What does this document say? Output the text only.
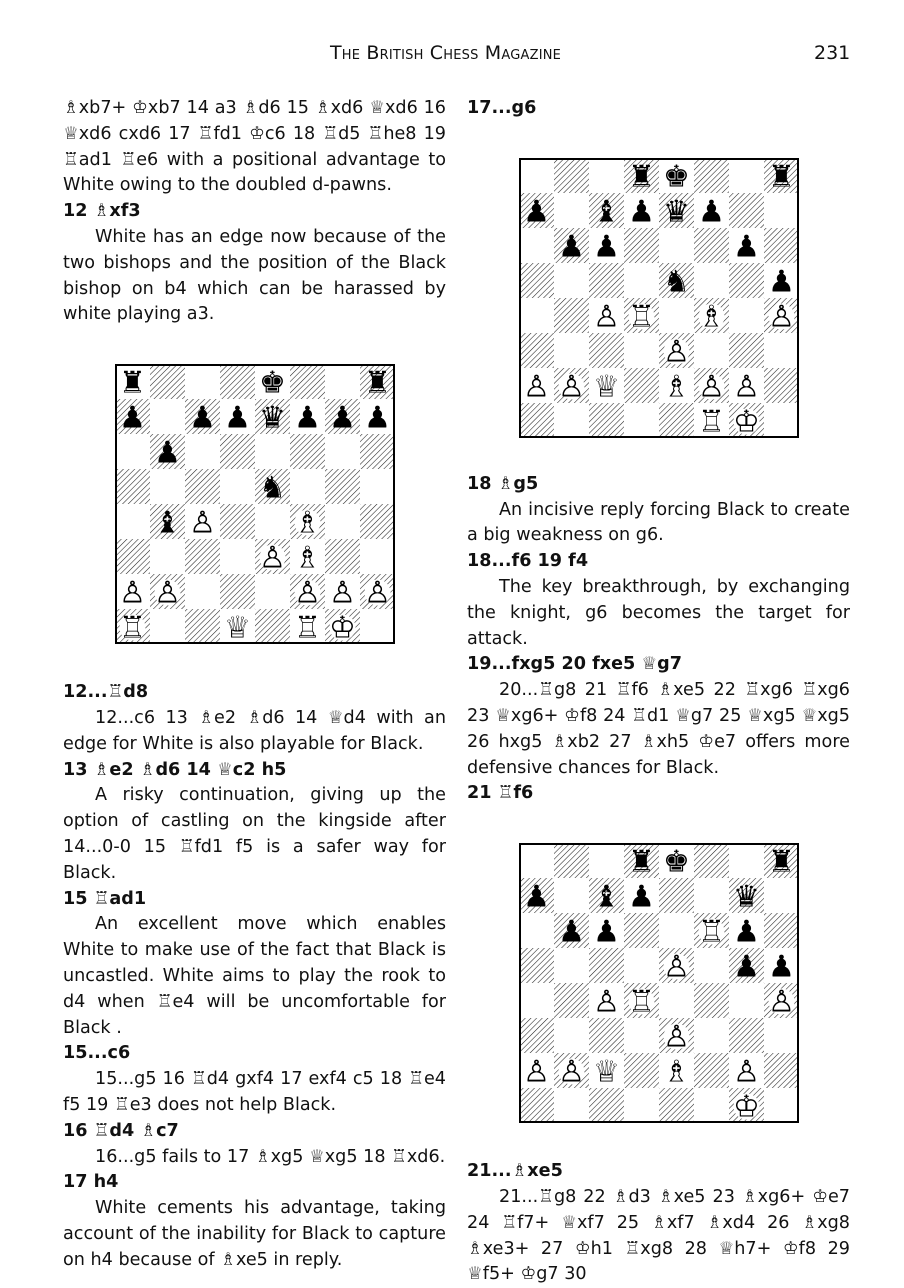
The British Chess Magazine	231

♗xb7+ ♔xb7 14 a3 ♗d6 15 ♗xd6 ♕xd6 16 ♕xd6 cxd6 17 ♖fd1 ♔c6 18 ♖d5 ♖he8 19 ♖ad1 ♖e6 with a positional advantage to White owing to the doubled d-pawns.

12 ♗xf3

White has an edge now because of the two bishops and the position of the Black bishop on b4 which can be harassed by white playing a3.

♜	♚	♜
♟ ♟ ♟ ♛ ♟ ♟ ♟
♟
♞
♝ ♙	♗
♙ ♗
♙ ♙	♙ ♙ ♙
♖	♕ ♖ ♔

12...♖d8

12...c6 13 ♗e2 ♗d6 14 ♕d4 with an edge for White is also playable for Black.

13 ♗e2 ♗d6 14 ♕c2 h5

A risky continuation, giving up the option of castling on the kingside after 14...0-0 15 ♖fd1 f5 is a safer way for Black.

15 ♖ad1

An excellent move which enables White to make use of the fact that Black is uncastled. White aims to play the rook to d4 when ♖e4 will be uncomfortable for Black .

15...c6

15...g5 16 ♖d4 gxf4 17 exf4 c5 18 ♖e4 f5 19 ♖e3 does not help Black.

16 ♖d4 ♗c7

16...g5 fails to 17 ♗xg5 ♕xg5 18 ♖xd6.

17 h4

White cements his advantage, taking account of the inability for Black to capture on h4 because of ♗xe5 in reply.

17...g6

♜ ♚	♜
♟ ♝ ♟ ♛ ♟
♟ ♟	♟
♞	♟
♙ ♖ ♗ ♙
♙
♙ ♙ ♕ ♗ ♙ ♙
♖ ♔

18 ♗g5

An incisive reply forcing Black to create a big weakness on g6.

18...f6 19 f4

The key breakthrough, by exchanging the knight, g6 becomes the target for attack.

19...fxg5 20 fxe5 ♕g7

20...♖g8 21 ♖f6 ♗xe5 22 ♖xg6 ♖xg6 23 ♕xg6+ ♔f8 24 ♖d1 ♕g7 25 ♕xg5 ♕xg5 26 hxg5 ♗xb2 27 ♗xh5 ♔e7 offers more defensive chances for Black.

21 ♖f6

♜ ♚	♜
♟ ♝ ♟	♛
♟ ♟	♖ ♟
♙ ♟ ♟
♙ ♖	♙
♙
♙ ♙ ♕ ♗ ♙
♔

21...♗xe5

21...♖g8 22 ♗d3 ♗xe5 23 ♗xg6+ ♔e7 24 ♖f7+ ♕xf7 25 ♗xf7 ♗xd4 26 ♗xg8 ♗xe3+ 27 ♔h1 ♖xg8 28 ♕h7+ ♔f8 29 ♕f5+ ♔g7 30
